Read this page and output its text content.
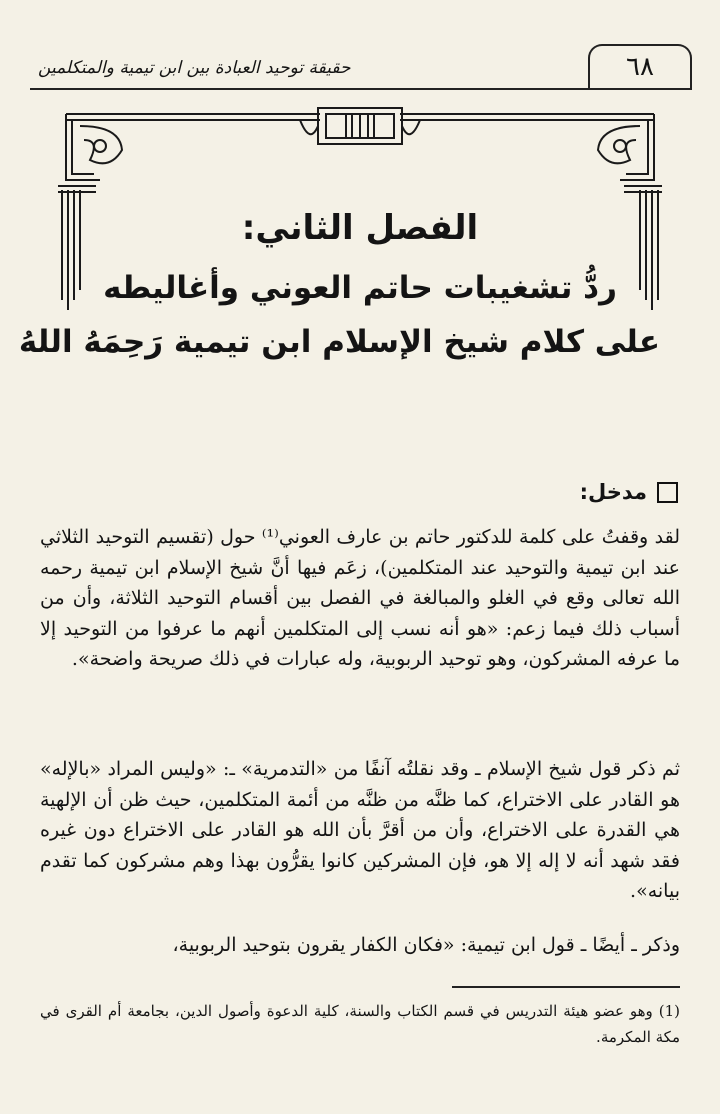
حقيقة توحيد العبادة بين ابن تيمية والمتكلمين	٦٨
الفصل الثاني:
ردُّ تشغيبات حاتم العوني وأغاليطه
على كلام شيخ الإسلام ابن تيمية رَحِمَهُ اللهُ
مدخل:
لقد وقفتُ على كلمة للدكتور حاتم بن عارف العوني⁽¹⁾ حول (تقسيم التوحيد الثلاثي عند ابن تيمية والتوحيد عند المتكلمين)، زعَم فيها أنَّ شيخ الإسلام ابن تيمية رحمه الله تعالى وقع في الغلو والمبالغة في الفصل بين أقسام التوحيد الثلاثة، وأن من أسباب ذلك فيما زعم: «هو أنه نسب إلى المتكلمين أنهم ما عرفوا من التوحيد إلا ما عرفه المشركون، وهو توحيد الربوبية، وله عبارات في ذلك صريحة واضحة».
ثم ذكر قول شيخ الإسلام ـ وقد نقلتُه آنفًا من «التدمرية» ـ: «وليس المراد «بالإله» هو القادر على الاختراع، كما ظنَّه من ظنَّه من أئمة المتكلمين، حيث ظن أن الإلهية هي القدرة على الاختراع، وأن من أقرَّ بأن الله هو القادر على الاختراع دون غيره فقد شهد أنه لا إله إلا هو، فإن المشركين كانوا يقرُّون بهذا وهم مشركون كما تقدم بيانه».
وذكر ـ أيضًا ـ قول ابن تيمية: «فكان الكفار يقرون بتوحيد الربوبية،
(1) وهو عضو هيئة التدريس في قسم الكتاب والسنة، كلية الدعوة وأصول الدين، بجامعة أم القرى في مكة المكرمة.
